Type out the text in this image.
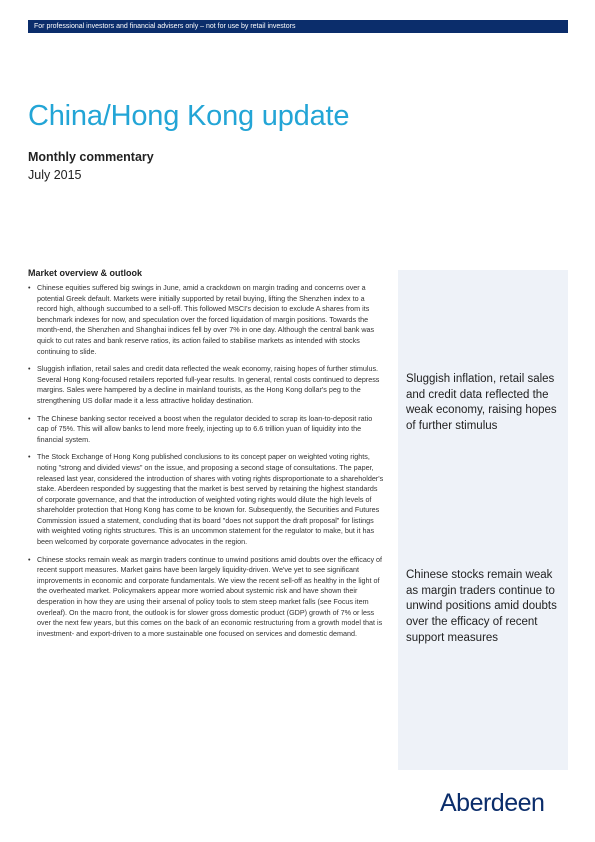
For professional investors and financial advisers only – not for use by retail investors
China/Hong Kong update

Monthly commentary

July 2015

Market overview & outlook
• Chinese equities suffered big swings in June, amid a crackdown on margin trading and concerns over a potential Greek default. Markets were initially supported by retail buying, lifting the Shenzhen index to a record high, although succumbed to a sell-off. This followed MSCI's decision to exclude A shares from its benchmark indexes for now, and speculation over the forced liquidation of margin positions. Towards the month-end, the Shenzhen and Shanghai indices fell by over 7% in one day. Although the central bank was quick to cut rates and bank reserve ratios, its action failed to stabilise markets as intended with stocks continuing to slide.
• Sluggish inflation, retail sales and credit data reflected the weak economy, raising hopes of further stimulus. Several Hong Kong-focused retailers reported full-year results. In general, rental costs continued to depress margins. Sales were hampered by a decline in mainland tourists, as the Hong Kong dollar's peg to the strengthening US dollar made it a less attractive holiday destination.
• The Chinese banking sector received a boost when the regulator decided to scrap its loan-to-deposit ratio cap of 75%. This will allow banks to lend more freely, injecting up to 6.6 trillion yuan of liquidity into the financial system.
• The Stock Exchange of Hong Kong published conclusions to its concept paper on weighted voting rights, noting "strong and divided views" on the issue, and proposing a second stage of consultations. The paper, released last year, considered the introduction of shares with voting rights disproportionate to a shareholder's stake. Aberdeen responded by suggesting that the market is best served by retaining the highest standards of corporate governance, and that the introduction of weighted voting rights would dilute the high levels of shareholder protection that Hong Kong has come to be known for. Subsequently, the Securities and Futures Commission issued a statement, concluding that its board "does not support the draft proposal" for listings with weighted voting rights structures. This is an uncommon statement for the regulator to make, but it has been welcomed by corporate governance advocates in the region.
• Chinese stocks remain weak as margin traders continue to unwind positions amid doubts over the efficacy of recent support measures. Market gains have been largely liquidity-driven. We've yet to see significant improvements in economic and corporate fundamentals. We view the recent sell-off as healthy in the light of the overheated market. Policymakers appear more worried about systemic risk and have shown their desperation in how they are using their arsenal of policy tools to stem steep market falls (see Focus item overleaf). On the macro front, the outlook is for slower gross domestic product (GDP) growth of 7% or less over the next few years, but this comes on the back of an economic restructuring from a growth model that is investment- and export-driven to a more sustainable one focused on services and domestic demand.

Sluggish inflation, retail sales and credit data reflected the weak economy, raising hopes of further stimulus

Chinese stocks remain weak as margin traders continue to unwind positions amid doubts over the efficacy of recent support measures

Aberdeen
